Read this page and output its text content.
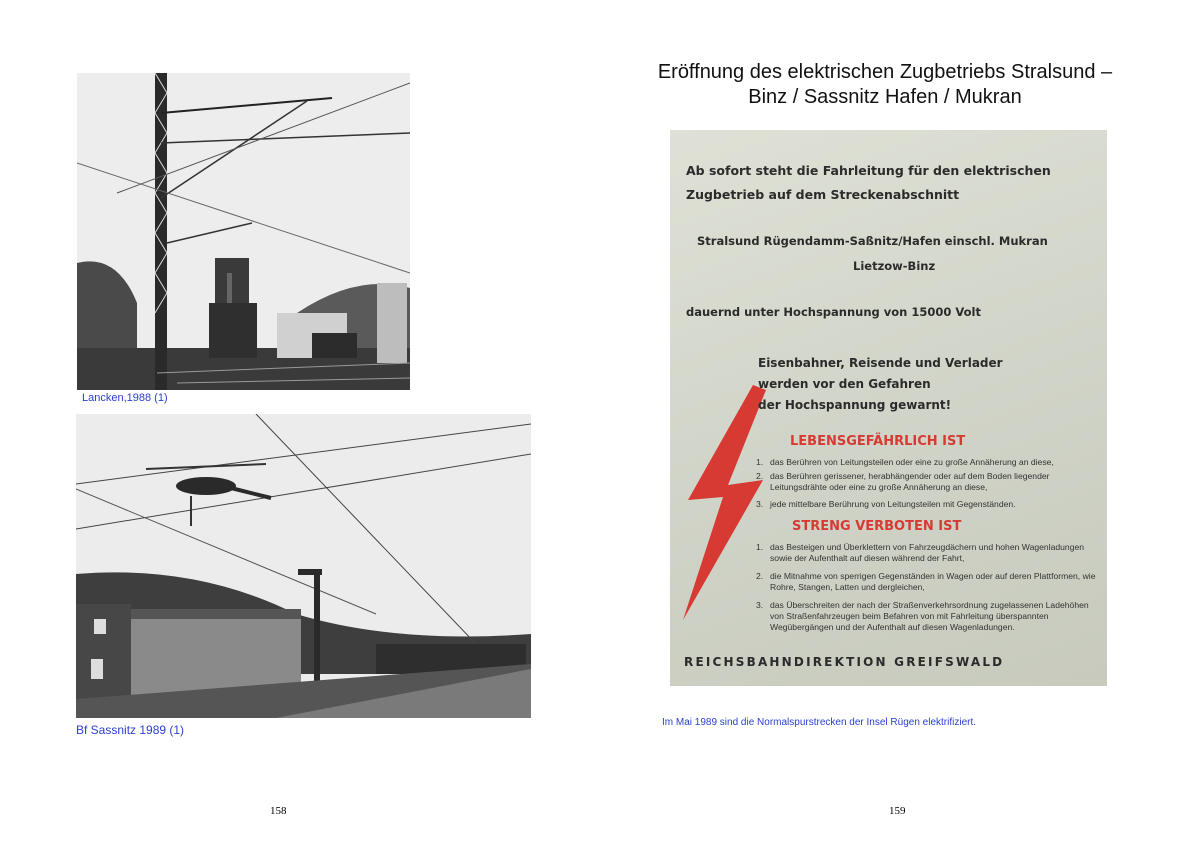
Lancken,1988 (1)
Bf Sassnitz 1989 (1)
158
Eröffnung des elektrischen Zugbetriebs Stralsund –
Binz / Sassnitz Hafen / Mukran
Ab sofort steht die Fahrleitung für den elektrischen
Zugbetrieb auf dem Streckenabschnitt
Stralsund Rügendamm-Saßnitz/Hafen einschl. Mukran
Lietzow-Binz
dauernd unter Hochspannung von 15000 Volt
Eisenbahner, Reisende und Verlader
werden vor den Gefahren
der Hochspannung gewarnt!
LEBENSGEFÄHRLICH IST
1. das Berühren von Leitungsteilen oder eine zu große Annäherung an diese,
2. das Berühren gerissener, herabhängender oder auf dem Boden liegender Leitungsdrähte oder eine zu große Annäherung an diese,
3. jede mittelbare Berührung von Leitungsteilen mit Gegenständen.
STRENG VERBOTEN IST
1. das Besteigen und Überklettern von Fahrzeugdächern und hohen Wagenladungen sowie der Aufenthalt auf diesen während der Fahrt,
2. die Mitnahme von sperrigen Gegenständen in Wagen oder auf deren Plattformen, wie Rohre, Stangen, Latten und dergleichen,
3. das Überschreiten der nach der Straßenverkehrsordnung zugelassenen Ladehöhen von Straßenfahrzeugen beim Befahren von mit Fahrleitung überspannten Wegübergängen und der Aufenthalt auf diesen Wagenladungen.
REICHSBAHNDIREKTION GREIFSWALD
Im Mai 1989 sind die Normalspurstrecken der Insel Rügen elektrifiziert.
159
